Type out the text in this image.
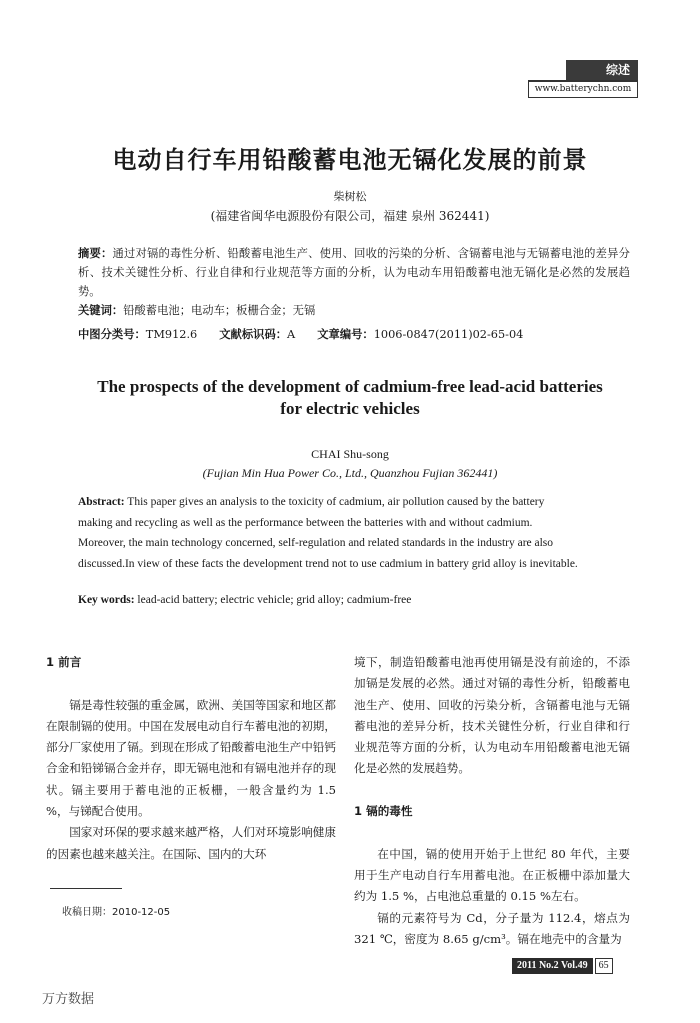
综述
www.batterychn.com
电动自行车用铅酸蓄电池无镉化发展的前景
柴树松
(福建省闽华电源股份有限公司，福建 泉州 362441)

摘要：通过对镉的毒性分析、铅酸蓄电池生产、使用、回收的污染的分析、含镉蓄电池与无镉蓄电池的差异分析、技术关键性分析、行业自律和行业规范等方面的分析，认为电动车用铅酸蓄电池无镉化是必然的发展趋势。

关键词：铅酸蓄电池；电动车；板栅合金；无镉

中图分类号：TM912.6 文献标识码：A 文章编号：1006-0847(2011)02-65-04
The prospects of the development of cadmium-free lead-acid batteries
for electric vehicles
CHAI Shu-song
(Fujian Min Hua Power Co., Ltd., Quanzhou Fujian 362441)
Abstract: This paper gives an analysis to the toxicity of cadmium, air pollution caused by the battery making and recycling as well as the performance between the batteries with and without cadmium. Moreover, the main technology concerned, self-regulation and related standards in the industry are also discussed.In view of these facts the development trend not to use cadmium in battery grid alloy is inevitable.
Key words: lead-acid battery; electric vehicle; grid alloy; cadmium-free

1 前言

镉是毒性较强的重金属，欧洲、美国等国家和地区都在限制镉的使用。中国在发展电动自行车蓄电池的初期，部分厂家使用了镉。到现在形成了铅酸蓄电池生产中铅钙合金和铅锑镉合金并存，即无镉电池和有镉电池并存的现状。镉主要用于蓄电池的正板栅，一般含量约为 1.5 %，与锑配合使用。

国家对环保的要求越来越严格，人们对环境影响健康的因素也越来越关注。在国际、国内的大环

境下，制造铅酸蓄电池再使用镉是没有前途的，不添加镉是发展的必然。通过对镉的毒性分析，铅酸蓄电池生产、使用、回收的污染分析，含镉蓄电池与无镉蓄电池的差异分析，技术关键性分析，行业自律和行业规范等方面的分析，认为电动车用铅酸蓄电池无镉化是必然的发展趋势。

1 镉的毒性

在中国，镉的使用开始于上世纪 80 年代，主要用于生产电动自行车用蓄电池。在正板栅中添加量大约为 1.5 %，占电池总重量的 0.15 %左右。

镉的元素符号为 Cd，分子量为 112.4，熔点为 321 ℃，密度为 8.65 g/cm³。镉在地壳中的含量为

收稿日期：2010-12-05
2011 No.2 Vol.49	65
万方数据
